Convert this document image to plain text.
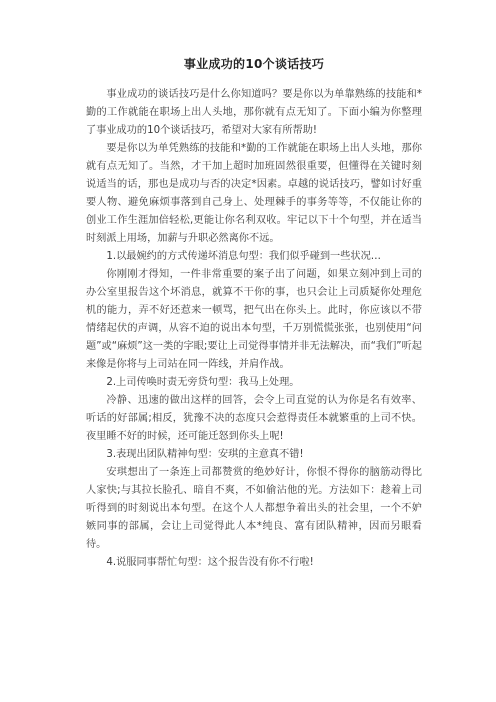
事业成功的10个谈话技巧

事业成功的谈话技巧是什么你知道吗？要是你以为单靠熟练的技能和*勤的工作就能在职场上出人头地，那你就有点无知了。下面小编为你整理了事业成功的10个谈话技巧，希望对大家有所帮助!

要是你以为单凭熟练的技能和*勤的工作就能在职场上出人头地，那你就有点无知了。当然，才干加上超时加班固然很重要，但懂得在关键时刻说适当的话，那也是成功与否的决定*因素。卓越的说话技巧，譬如讨好重要人物、避免麻烦事落到自己身上、处理棘手的事务等等，不仅能让你的创业工作生涯加倍轻松,更能让你名利双收。牢记以下十个句型，并在适当时刻派上用场，加薪与升职必然离你不远。

1.以最婉约的方式传递坏消息句型：我们似乎碰到一些状况…

你刚刚才得知，一件非常重要的案子出了问题，如果立刻冲到上司的办公室里报告这个坏消息，就算不干你的事，也只会让上司质疑你处理危机的能力，弄不好还惹来一顿骂，把气出在你头上。此时，你应该以不带情绪起伏的声调，从容不迫的说出本句型，千万别慌慌张张，也别使用“问题”或“麻烦”这一类的字眼;要让上司觉得事情并非无法解决，而“我们”听起来像是你将与上司站在同一阵线，并肩作战。

2.上司传唤时责无旁贷句型：我马上处理。

冷静、迅速的做出这样的回答，会令上司直觉的认为你是名有效率、听话的好部属;相反，犹豫不决的态度只会惹得责任本就繁重的上司不快。夜里睡不好的时候，还可能迁怒到你头上呢!

3.表现出团队精神句型：安琪的主意真不错!

安琪想出了一条连上司都赞赏的绝妙好计，你恨不得你的脑筋动得比人家快;与其拉长脸孔、暗自不爽，不如偷沾他的光。方法如下：趁着上司听得到的时刻说出本句型。在这个人人都想争着出头的社会里，一个不妒嫉同事的部属，会让上司觉得此人本*纯良、富有团队精神，因而另眼看待。

4.说服同事帮忙句型：这个报告没有你不行啦!
